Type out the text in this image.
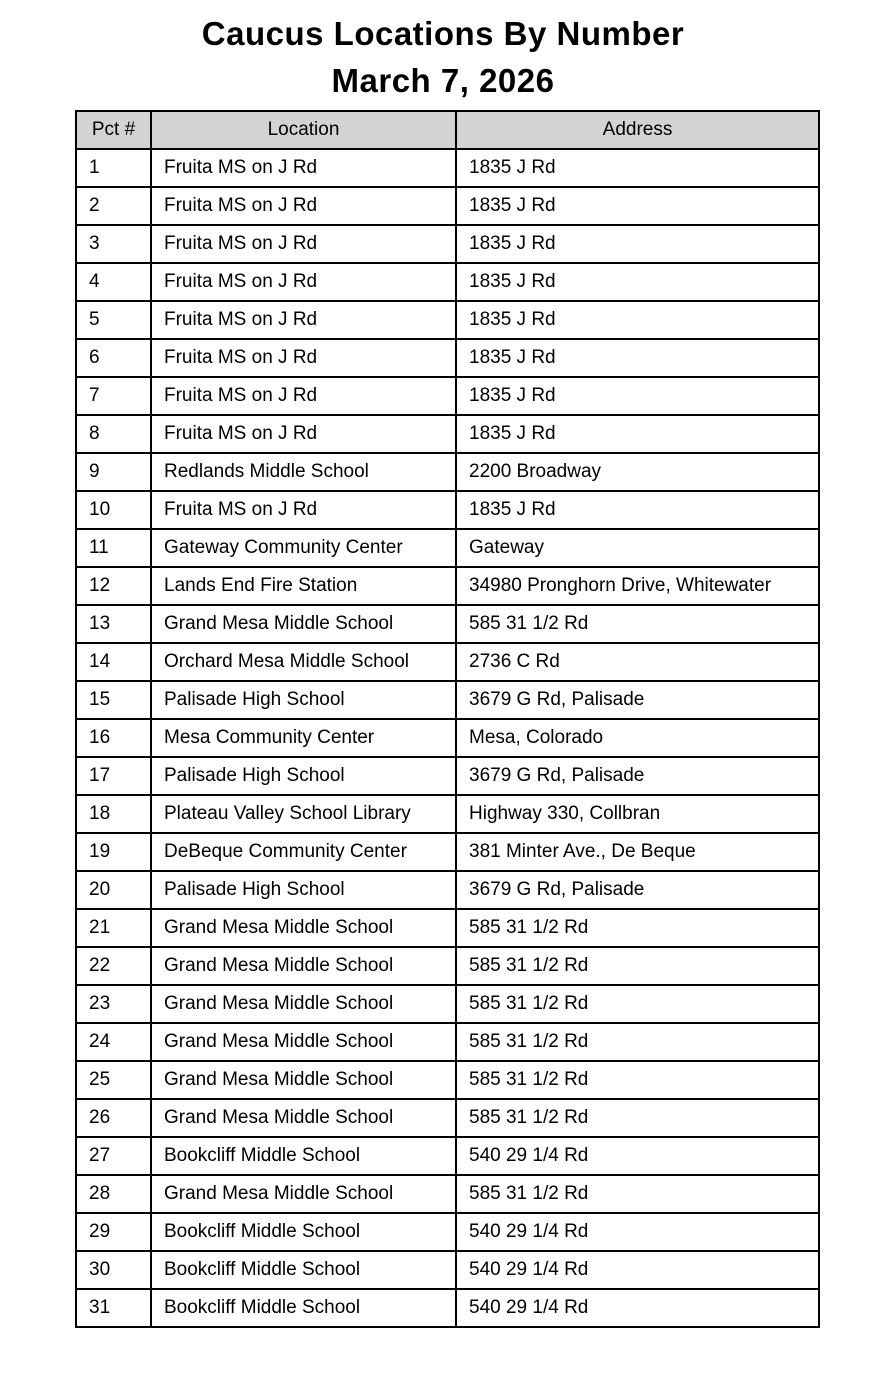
Caucus Locations By Number
March 7, 2026
Pct #	Location	Address
1	Fruita MS on J Rd	1835 J Rd
2	Fruita MS on J Rd	1835 J Rd
3	Fruita MS on J Rd	1835 J Rd
4	Fruita MS on J Rd	1835 J Rd
5	Fruita MS on J Rd	1835 J Rd
6	Fruita MS on J Rd	1835 J Rd
7	Fruita MS on J Rd	1835 J Rd
8	Fruita MS on J Rd	1835 J Rd
9	Redlands Middle School	2200 Broadway
10	Fruita MS on J Rd	1835 J Rd
11	Gateway Community Center	Gateway
12	Lands End Fire Station	34980 Pronghorn Drive, Whitewater
13	Grand Mesa Middle School	585 31 1/2 Rd
14	Orchard Mesa Middle School	2736 C Rd
15	Palisade High School	3679 G Rd, Palisade
16	Mesa Community Center	Mesa, Colorado
17	Palisade High School	3679 G Rd, Palisade
18	Plateau Valley School Library	Highway 330, Collbran
19	DeBeque Community Center	381 Minter Ave., De Beque
20	Palisade High School	3679 G Rd, Palisade
21	Grand Mesa Middle School	585 31 1/2 Rd
22	Grand Mesa Middle School	585 31 1/2 Rd
23	Grand Mesa Middle School	585 31 1/2 Rd
24	Grand Mesa Middle School	585 31 1/2 Rd
25	Grand Mesa Middle School	585 31 1/2 Rd
26	Grand Mesa Middle School	585 31 1/2 Rd
27	Bookcliff Middle School	540 29 1/4 Rd
28	Grand Mesa Middle School	585 31 1/2 Rd
29	Bookcliff Middle School	540 29 1/4 Rd
30	Bookcliff Middle School	540 29 1/4 Rd
31	Bookcliff Middle School	540 29 1/4 Rd
